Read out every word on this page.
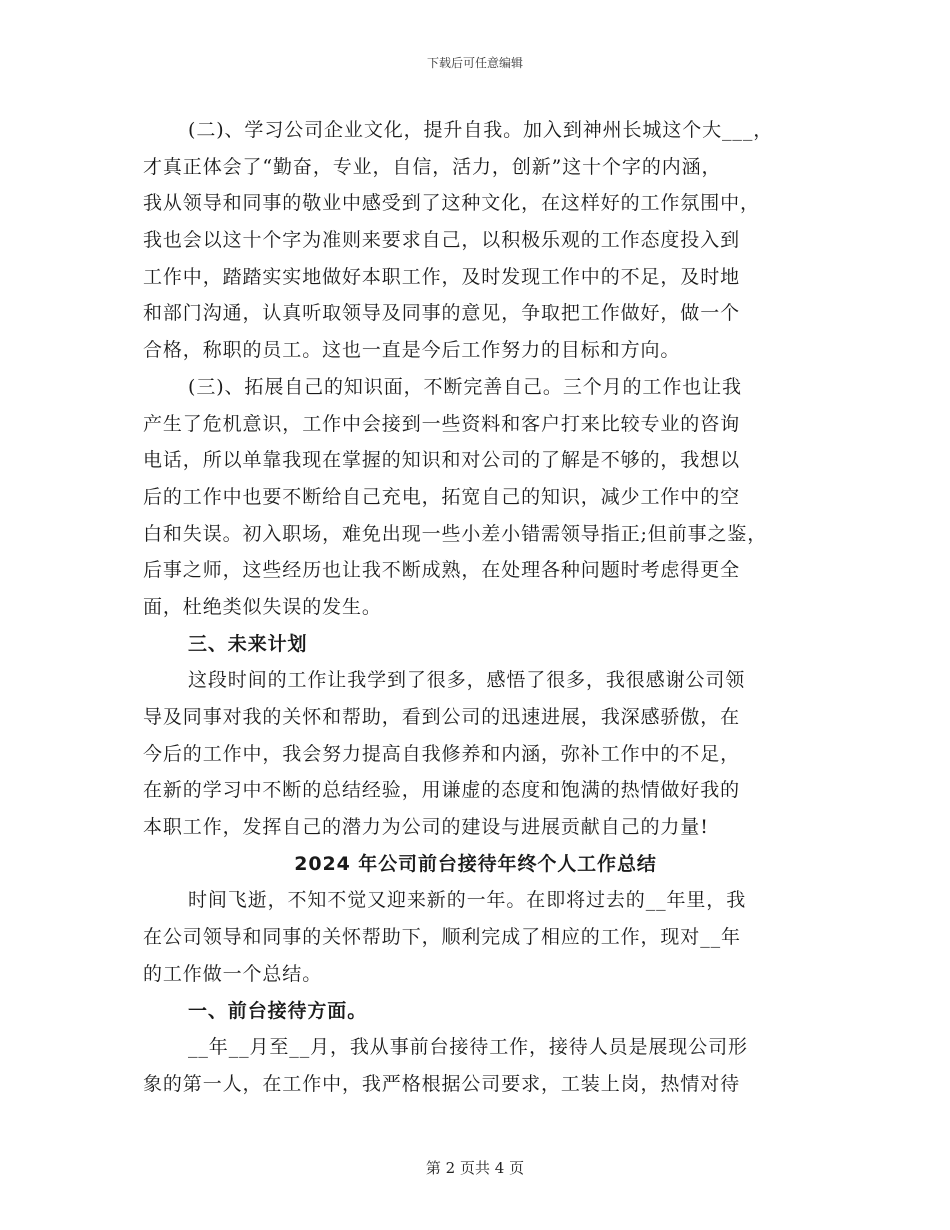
下载后可任意编辑
(二)、学习公司企业文化，提升自我。加入到神州长城这个大___，
才真正体会了“勤奋，专业，自信，活力，创新”这十个字的内涵，
我从领导和同事的敬业中感受到了这种文化，在这样好的工作氛围中，
我也会以这十个字为准则来要求自己，以积极乐观的工作态度投入到
工作中，踏踏实实地做好本职工作，及时发现工作中的不足，及时地
和部门沟通，认真听取领导及同事的意见，争取把工作做好，做一个
合格，称职的员工。这也一直是今后工作努力的目标和方向。
(三)、拓展自己的知识面，不断完善自己。三个月的工作也让我
产生了危机意识，工作中会接到一些资料和客户打来比较专业的咨询
电话，所以单靠我现在掌握的知识和对公司的了解是不够的，我想以
后的工作中也要不断给自己充电，拓宽自己的知识，减少工作中的空
白和失误。初入职场，难免出现一些小差小错需领导指正;但前事之鉴，
后事之师，这些经历也让我不断成熟，在处理各种问题时考虑得更全
面，杜绝类似失误的发生。
三、未来计划
这段时间的工作让我学到了很多，感悟了很多，我很感谢公司领
导及同事对我的关怀和帮助，看到公司的迅速进展，我深感骄傲，在
今后的工作中，我会努力提高自我修养和内涵，弥补工作中的不足，
在新的学习中不断的总结经验，用谦虚的态度和饱满的热情做好我的
本职工作，发挥自己的潜力为公司的建设与进展贡献自己的力量!
2024 年公司前台接待年终个人工作总结
时间飞逝，不知不觉又迎来新的一年。在即将过去的__年里，我
在公司领导和同事的关怀帮助下，顺利完成了相应的工作，现对__年
的工作做一个总结。
一、前台接待方面。
__年__月至__月，我从事前台接待工作，接待人员是展现公司形
象的第一人，在工作中，我严格根据公司要求，工装上岗，热情对待
第 2 页共 4 页
